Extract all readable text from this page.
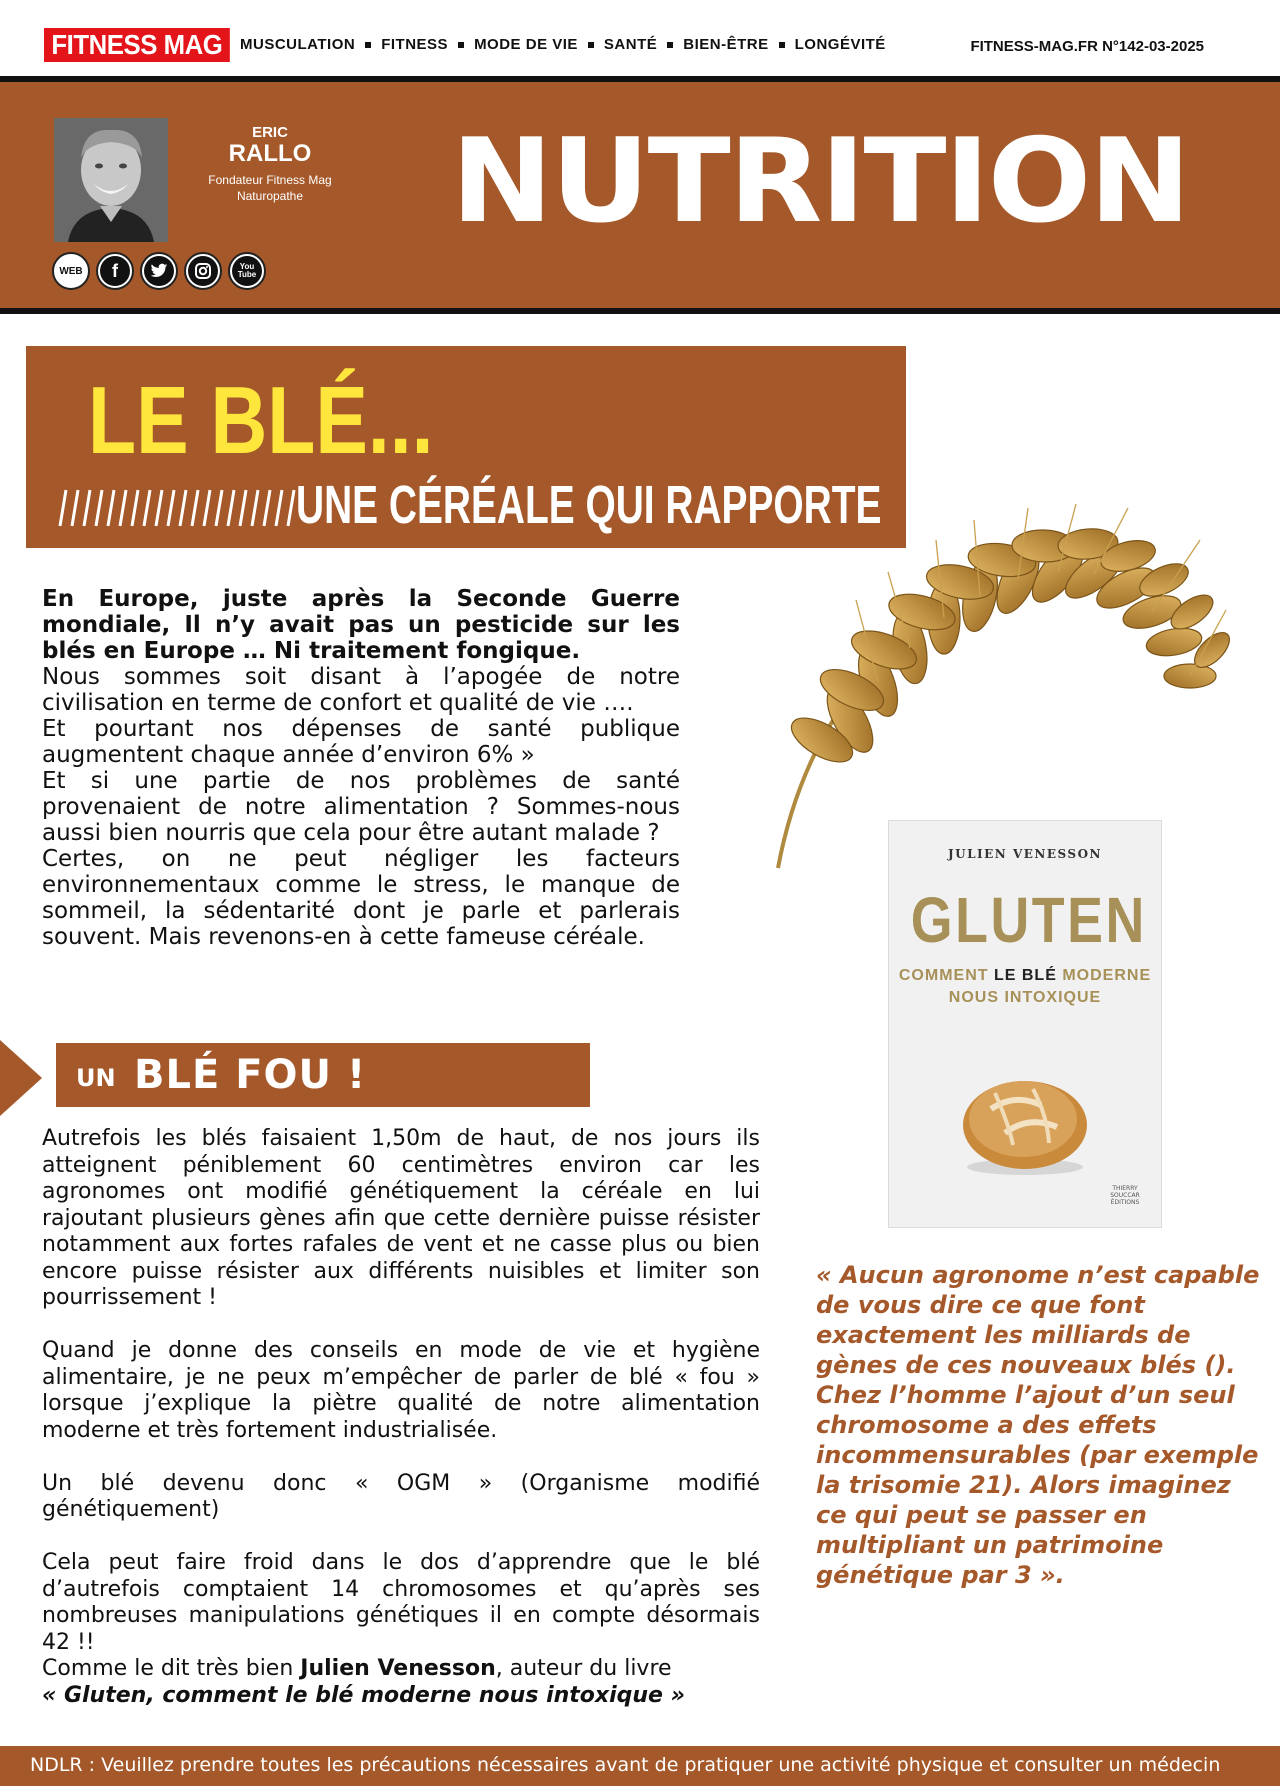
FITNESS MAG	MUSCULATION FITNESS MODE DE VIE SANTÉ BIEN-ÊTRE LONGÉVITÉ	FITNESS-MAG.FR N°142-03-2025
ERIC
RALLO
Fondateur Fitness Mag
Naturopathe
WEB	f	You Tube
NUTRITION
LE BLÉ...
UNE CÉRÉALE QUI RAPPORTE

En Europe, juste après la Seconde Guerre mondiale, Il n’y avait pas un pesticide sur les blés en Europe … Ni traitement fongique.

Nous sommes soit disant à l’apogée de notre civilisation en terme de confort et qualité de vie ….

Et pourtant nos dépenses de santé publique augmentent chaque année d’environ 6% »

Et si une partie de nos problèmes de santé provenaient de notre alimentation ? Sommes-nous aussi bien nourris que cela pour être autant malade ?

Certes, on ne peut négliger les facteurs environnementaux comme le stress, le manque de sommeil, la sédentarité dont je parle et parlerais souvent. Mais revenons-en à cette fameuse céréale.

UN BLÉ FOU !

Autrefois les blés faisaient 1,50m de haut, de nos jours ils atteignent péniblement 60 centimètres environ car les agronomes ont modifié génétiquement la céréale en lui rajoutant plusieurs gènes afin que cette dernière puisse résister notamment aux fortes rafales de vent et ne casse plus ou bien encore puisse résister aux différents nuisibles et limiter son pourrissement !

Quand je donne des conseils en mode de vie et hygiène alimentaire, je ne peux m’empêcher de parler de blé « fou » lorsque j’explique la piètre qualité de notre alimentation moderne et très fortement industrialisée.

Un blé devenu donc « OGM » (Organisme modifié génétiquement)

Cela peut faire froid dans le dos d’apprendre que le blé d’autrefois comptaient 14 chromosomes et qu’après ses nombreuses manipulations génétiques il en compte désormais 42 !!

Comme le dit très bien Julien Venesson, auteur du livre

« Gluten, comment le blé moderne nous intoxique »

JULIEN VENESSON
GLUTEN
COMMENT LE BLÉ MODERNE
NOUS INTOXIQUE
THIERRY SOUCCAR ÉDITIONS
« Aucun agronome n’est capable de vous dire ce que font exactement les milliards de gènes de ces nouveaux blés (). Chez l’homme l’ajout d’un seul chromosome a des effets incommensurables (par exemple la trisomie 21). Alors imaginez ce qui peut se passer en multipliant un patrimoine génétique par 3 ».
NDLR : Veuillez prendre toutes les précautions nécessaires avant de pratiquer une activité physique et consulter un médecin
